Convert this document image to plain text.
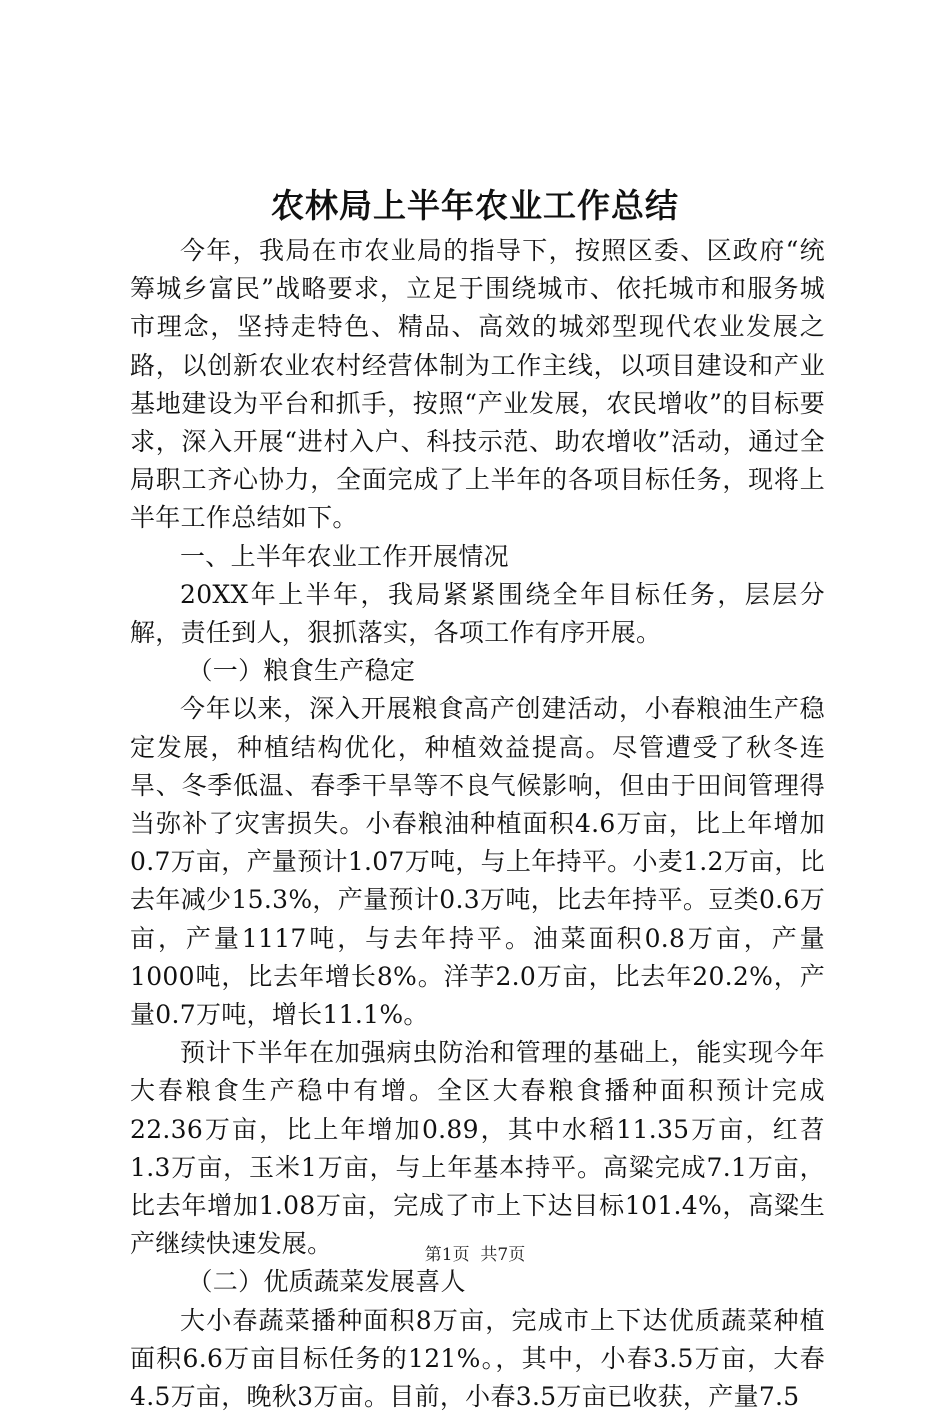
农林局上半年农业工作总结

今年，我局在市农业局的指导下，按照区委、区政府“统筹城乡富民”战略要求，立足于围绕城市、依托城市和服务城市理念，坚持走特色、精品、高效的城郊型现代农业发展之路，以创新农业农村经营体制为工作主线，以项目建设和产业基地建设为平台和抓手，按照“产业发展，农民增收”的目标要求，深入开展“进村入户、科技示范、助农增收”活动，通过全局职工齐心协力，全面完成了上半年的各项目标任务，现将上半年工作总结如下。

一、上半年农业工作开展情况

20XX年上半年，我局紧紧围绕全年目标任务，层层分解，责任到人，狠抓落实，各项工作有序开展。

（一）粮食生产稳定

今年以来，深入开展粮食高产创建活动，小春粮油生产稳定发展，种植结构优化，种植效益提高。尽管遭受了秋冬连旱、冬季低温、春季干旱等不良气候影响，但由于田间管理得当弥补了灾害损失。小春粮油种植面积4.6万亩，比上年增加0.7万亩，产量预计1.07万吨，与上年持平。小麦1.2万亩，比去年减少15.3%，产量预计0.3万吨，比去年持平。豆类0.6万亩，产量1117吨，与去年持平。油菜面积0.8万亩，产量1000吨，比去年增长8%。洋芋2.0万亩，比去年20.2%，产量0.7万吨，增长11.1%。

预计下半年在加强病虫防治和管理的基础上，能实现今年大春粮食生产稳中有增。全区大春粮食播种面积预计完成22.36万亩，比上年增加0.89，其中水稻11.35万亩，红苕1.3万亩，玉米1万亩，与上年基本持平。高粱完成7.1万亩，比去年增加1.08万亩，完成了市上下达目标101.4%，高粱生产继续快速发展。

（二）优质蔬菜发展喜人

大小春蔬菜播种面积8万亩，完成市上下达优质蔬菜种植面积6.6万亩目标任务的121%。，其中，小春3.5万亩，大春4.5万亩，晚秋3万亩。目前，小春3.5万亩已收获，产量7.5

第1页 共7页
